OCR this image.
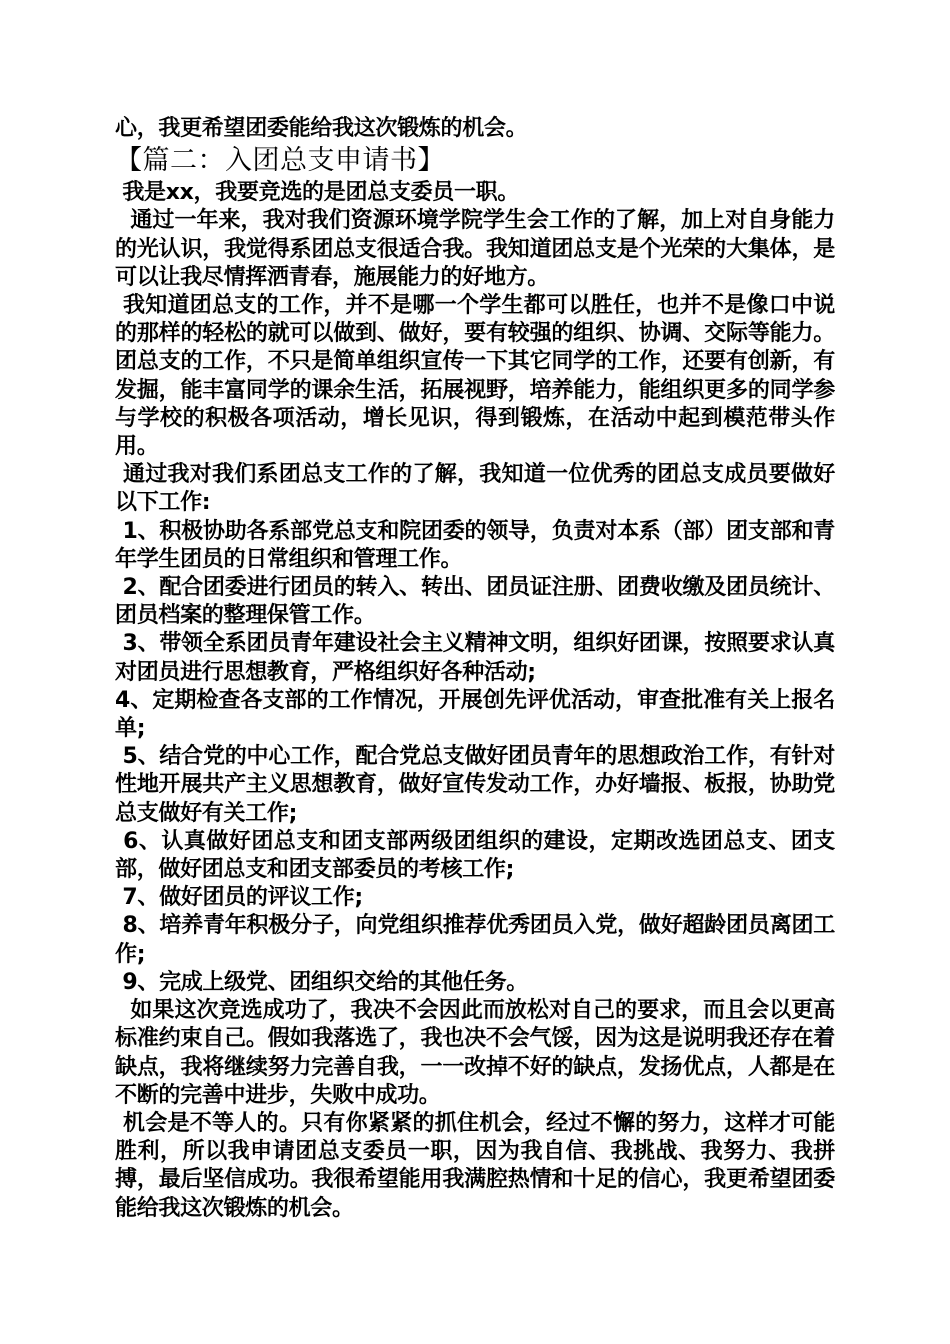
心，我更希望团委能给我这次锻炼的机会。

【篇二：入团总支申请书】

我是xx，我要竞选的是团总支委员一职。

通过一年来，我对我们资源环境学院学生会工作的了解，加上对自身能力的光认识，我觉得系团总支很适合我。我知道团总支是个光荣的大集体，是可以让我尽情挥洒青春，施展能力的好地方。

我知道团总支的工作，并不是哪一个学生都可以胜任，也并不是像口中说的那样的轻松的就可以做到、做好，要有较强的组织、协调、交际等能力。团总支的工作，不只是简单组织宣传一下其它同学的工作，还要有创新，有发掘，能丰富同学的课余生活，拓展视野，培养能力，能组织更多的同学参与学校的积极各项活动，增长见识，得到锻炼，在活动中起到模范带头作用。

通过我对我们系团总支工作的了解，我知道一位优秀的团总支成员要做好以下工作:

1、积极协助各系部党总支和院团委的领导，负责对本系（部）团支部和青年学生团员的日常组织和管理工作。

2、配合团委进行团员的转入、转出、团员证注册、团费收缴及团员统计、团员档案的整理保管工作。

3、带领全系团员青年建设社会主义精神文明，组织好团课，按照要求认真对团员进行思想教育，严格组织好各种活动;

4、定期检查各支部的工作情况，开展创先评优活动，审查批准有关上报名单;

5、结合党的中心工作，配合党总支做好团员青年的思想政治工作，有针对性地开展共产主义思想教育，做好宣传发动工作，办好墙报、板报，协助党总支做好有关工作;

6、认真做好团总支和团支部两级团组织的建设，定期改选团总支、团支部，做好团总支和团支部委员的考核工作;

7、做好团员的评议工作;

8、培养青年积极分子，向党组织推荐优秀团员入党，做好超龄团员离团工作;

9、完成上级党、团组织交给的其他任务。

如果这次竞选成功了，我决不会因此而放松对自己的要求，而且会以更高标准约束自己。假如我落选了，我也决不会气馁，因为这是说明我还存在着缺点，我将继续努力完善自我，一一改掉不好的缺点，发扬优点，人都是在不断的完善中进步，失败中成功。

机会是不等人的。只有你紧紧的抓住机会，经过不懈的努力，这样才可能胜利，所以我申请团总支委员一职，因为我自信、我挑战、我努力、我拼搏，最后坚信成功。我很希望能用我满腔热情和十足的信心，我更希望团委能给我这次锻炼的机会。
